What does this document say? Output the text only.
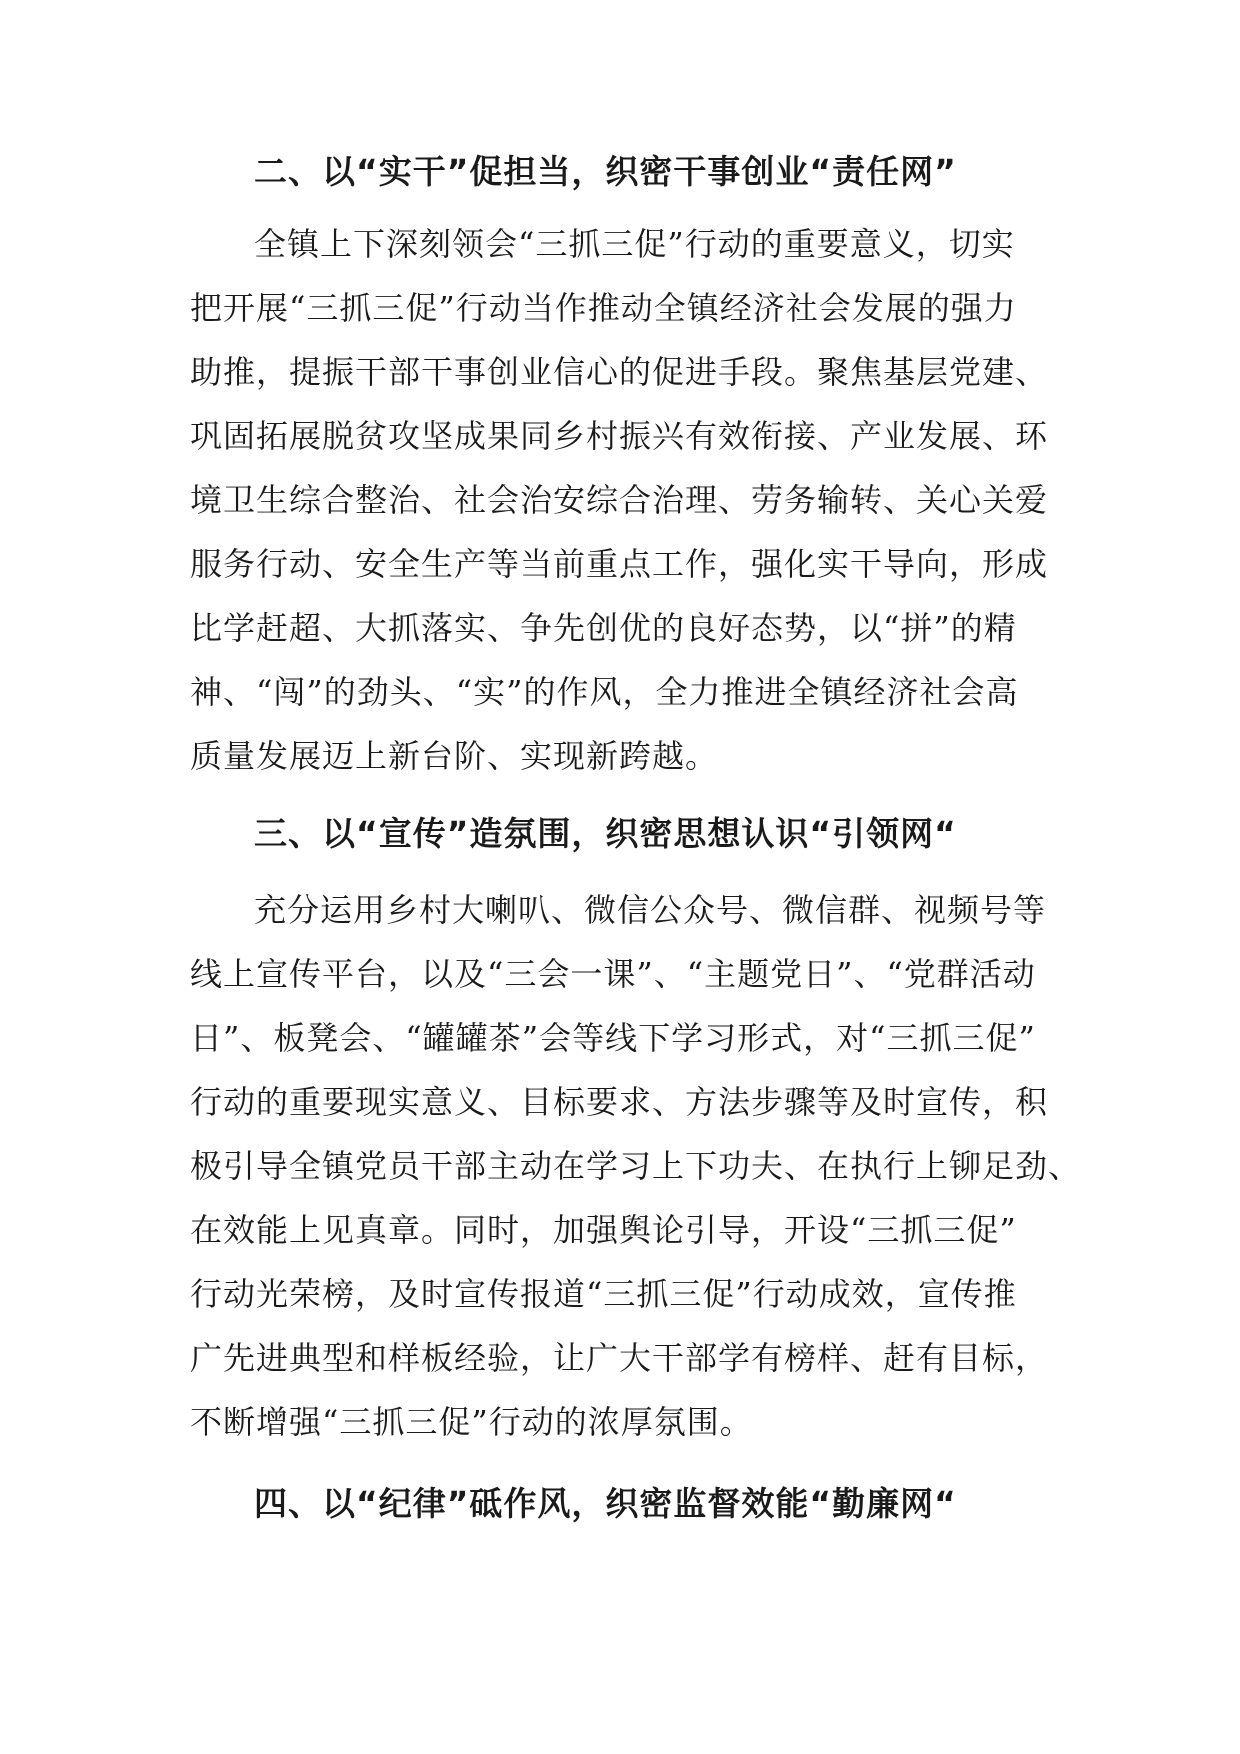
二、以“实干”促担当，织密干事创业“责任网”
全镇上下深刻领会“三抓三促”行动的重要意义，切实
把开展“三抓三促”行动当作推动全镇经济社会发展的强力
助推，提振干部干事创业信心的促进手段。聚焦基层党建、
巩固拓展脱贫攻坚成果同乡村振兴有效衔接、产业发展、环
境卫生综合整治、社会治安综合治理、劳务输转、关心关爱
服务行动、安全生产等当前重点工作，强化实干导向，形成
比学赶超、大抓落实、争先创优的良好态势，以“拼”的精
神、“闯”的劲头、“实”的作风，全力推进全镇经济社会高
质量发展迈上新台阶、实现新跨越。
三、以“宣传”造氛围，织密思想认识“引领网“
充分运用乡村大喇叭、微信公众号、微信群、视频号等
线上宣传平台，以及“三会一课”、“主题党日”、“党群活动
日”、板凳会、“罐罐茶”会等线下学习形式，对“三抓三促”
行动的重要现实意义、目标要求、方法步骤等及时宣传，积
极引导全镇党员干部主动在学习上下功夫、在执行上铆足劲、
在效能上见真章。同时，加强舆论引导，开设“三抓三促”
行动光荣榜，及时宣传报道“三抓三促”行动成效，宣传推
广先进典型和样板经验，让广大干部学有榜样、赶有目标，
不断增强“三抓三促”行动的浓厚氛围。
四、以“纪律”砥作风，织密监督效能“勤廉网“
